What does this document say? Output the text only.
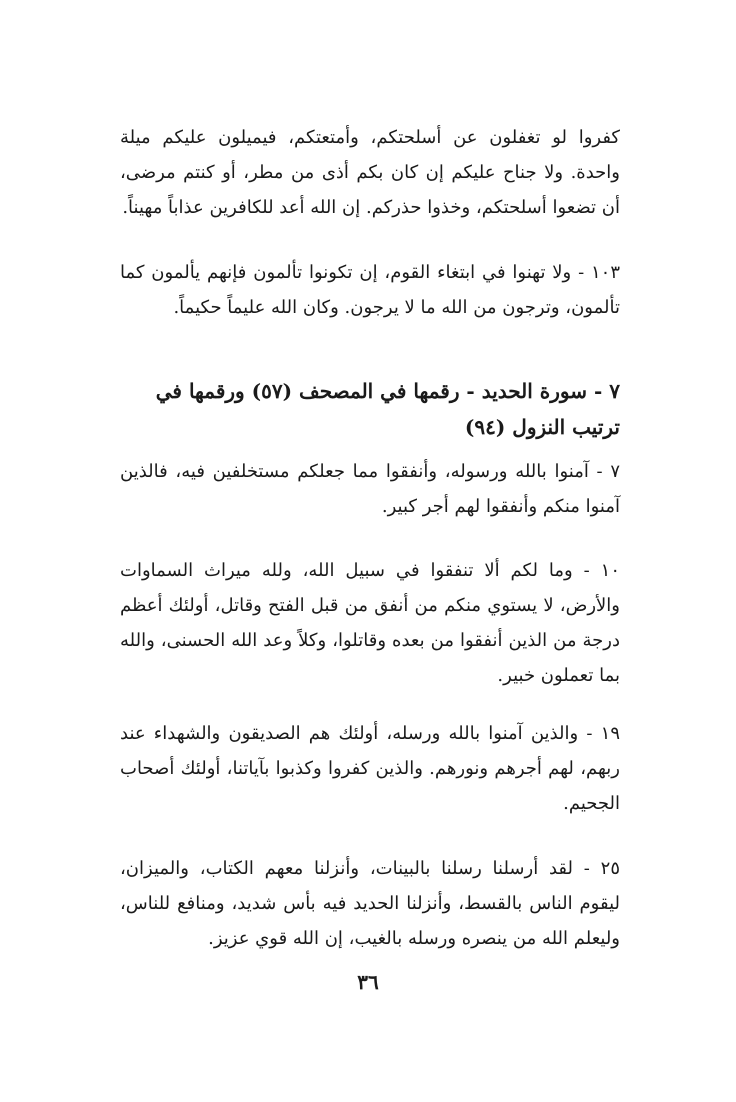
كفروا لو تغفلون عن أسلحتكم، وأمتعتكم، فيميلون عليكم ميلة واحدة. ولا جناح عليكم إن كان بكم أذى من مطر، أو كنتم مرضى، أن تضعوا أسلحتكم، وخذوا حذركم. إن الله أعد للكافرين عذاباً مهيناً.

١٠٣ - ولا تهنوا في ابتغاء القوم، إن تكونوا تألمون فإنهم يألمون كما تألمون، وترجون من الله ما لا يرجون. وكان الله عليماً حكيماً.

٧ - سورة الحديد - رقمها في المصحف (٥٧) ورقمها في ترتيب النزول (٩٤)

٧ - آمنوا بالله ورسوله، وأنفقوا مما جعلكم مستخلفين فيه، فالذين آمنوا منكم وأنفقوا لهم أجر كبير.

١٠ - وما لكم ألا تنفقوا في سبيل الله، ولله ميراث السماوات والأرض، لا يستوي منكم من أنفق من قبل الفتح وقاتل، أولئك أعظم درجة من الذين أنفقوا من بعده وقاتلوا، وكلاً وعد الله الحسنى، والله بما تعملون خبير.

١٩ - والذين آمنوا بالله ورسله، أولئك هم الصديقون والشهداء عند ربهم، لهم أجرهم ونورهم. والذين كفروا وكذبوا بآياتنا، أولئك أصحاب الجحيم.

٢٥ - لقد أرسلنا رسلنا بالبينات، وأنزلنا معهم الكتاب، والميزان، ليقوم الناس بالقسط، وأنزلنا الحديد فيه بأس شديد، ومنافع للناس، وليعلم الله من ينصره ورسله بالغيب، إن الله قوي عزيز.

٣٦
